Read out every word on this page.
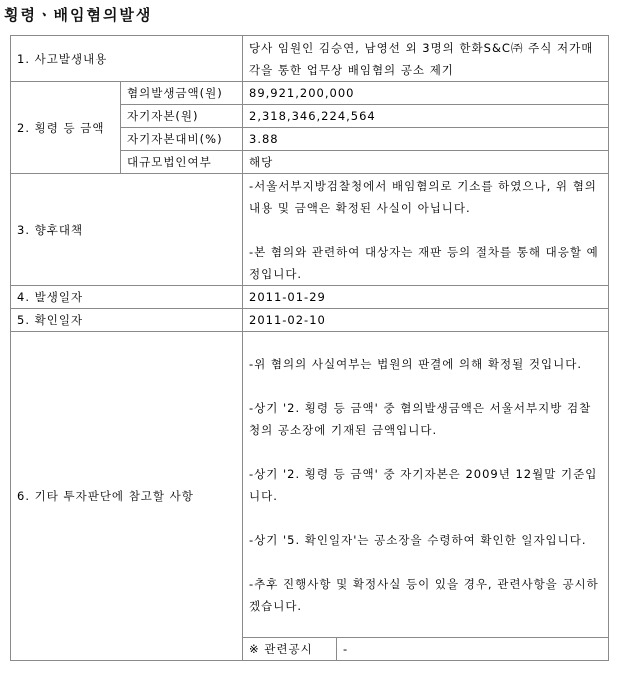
횡령ㆍ배임혐의발생
1. 사고발생내용		당사 임원인 김승연, 남영선 외 3명의 한화S&C㈜ 주식 저가매각을 통한 업무상 배임혐의 공소 제기	
2. 횡령 등 금액	혐의발생금액(원)	89,921,200,000	
	자기자본(원)	2,318,346,224,564	
	자기자본대비(%)	3.88	
	대규모법인여부	해당	
3. 향후대책		-서울서부지방검찰청에서 배임혐의로 기소를 하였으나, 위 혐의 내용 및 금액은 확정된 사실이 아닙니다.

-본 혐의와 관련하여 대상자는 재판 등의 절차를 통해 대응할 예정입니다.	

4. 발생일자		2011-01-29	
5. 확인일자		2011-02-10	
6. 기타 투자판단에 참고할 사항		-위 혐의의 사실여부는 법원의 판결에 의해 확정될 것입니다.

-상기 '2. 횡령 등 금액' 중 혐의발생금액은 서울서부지방 검찰청의 공소장에 기재된 금액입니다.

-상기 '2. 횡령 등 금액' 중 자기자본은 2009년 12월말 기준입니다.

-상기 '5. 확인일자'는 공소장을 수령하여 확인한 일자입니다.

-추후 진행사항 및 확정사실 등이 있을 경우, 관련사항을 공시하겠습니다.	

		※ 관련공시	-
